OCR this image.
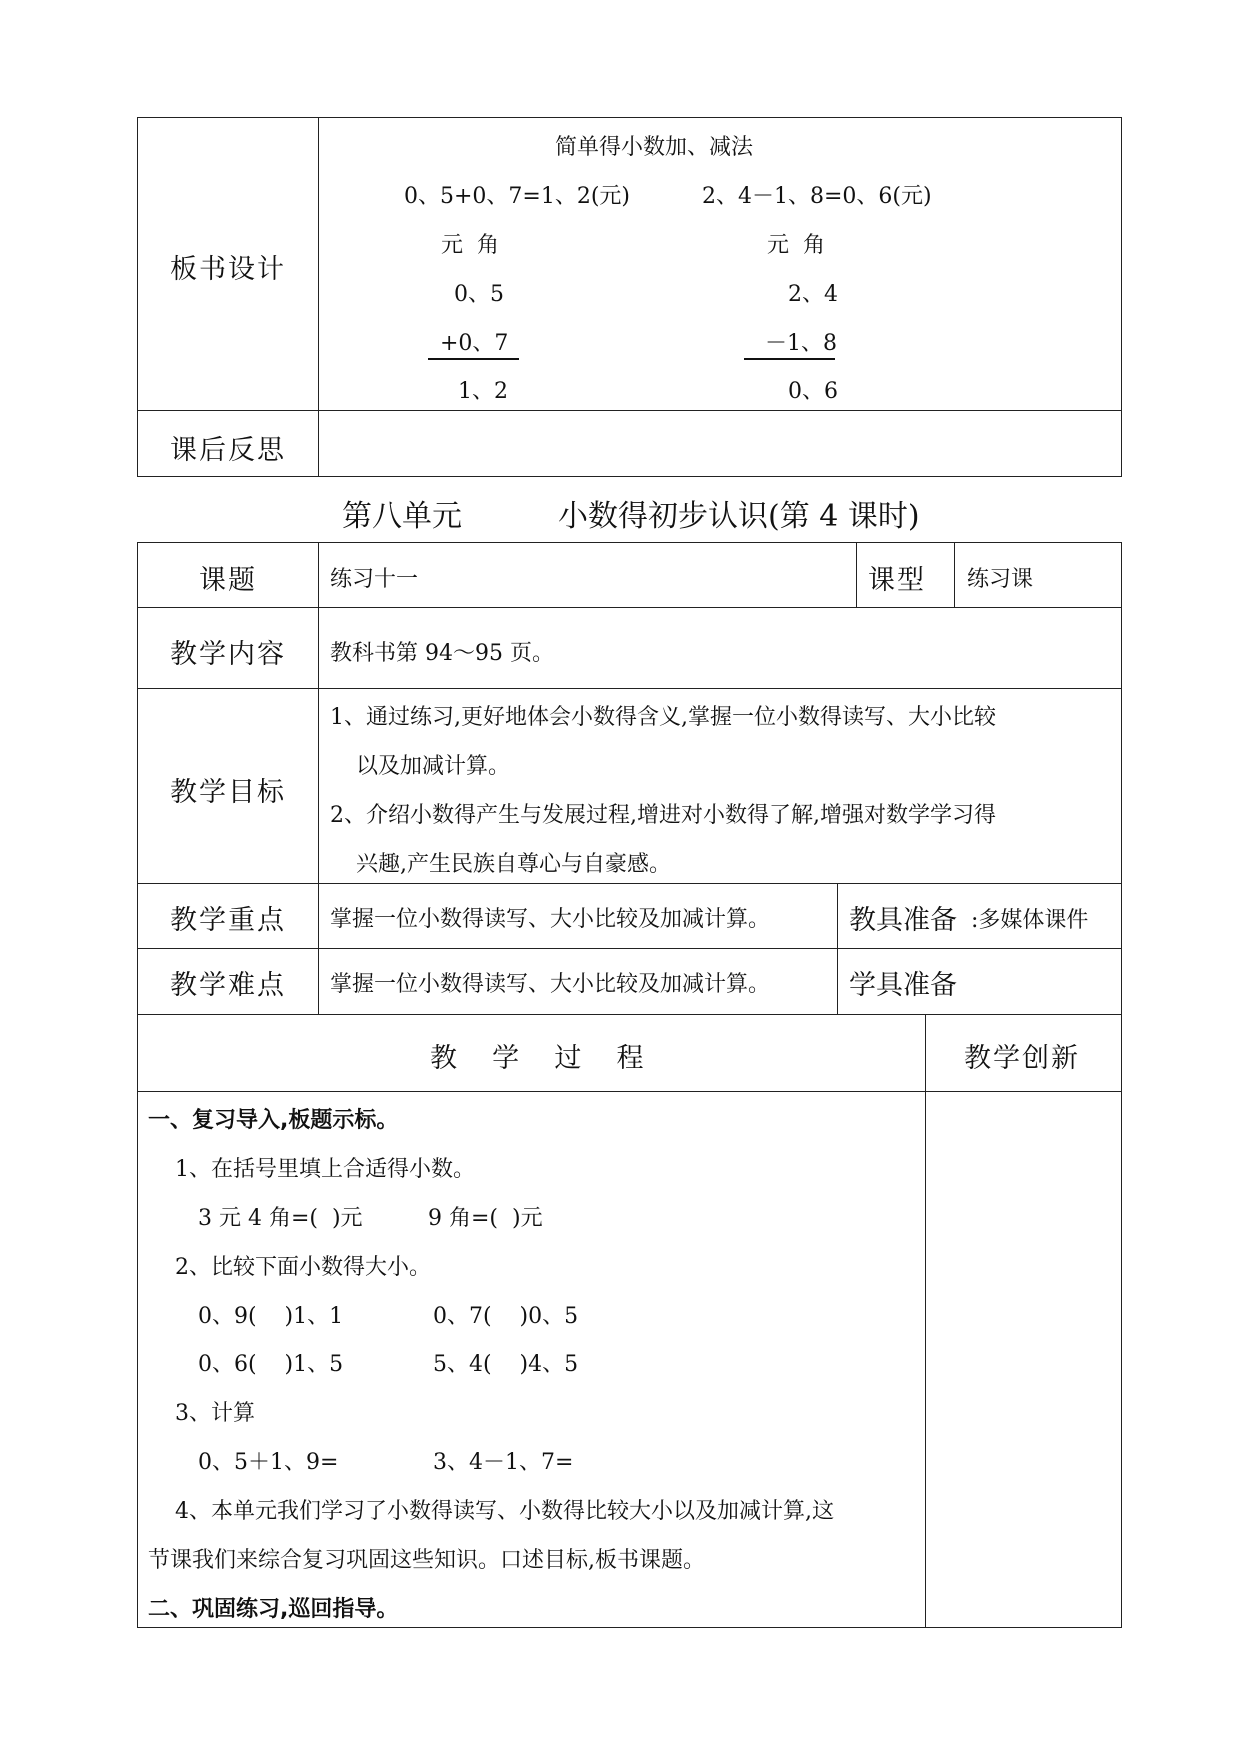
板书设计
简单得小数加、减法
0、5+0、7=1、2(元)	2、4－1、8=0、6(元)
元  角	元  角
0、5
+0、7
1、2
2、4
－1、8
0、6
课后反思
第八单元	小数得初步认识(第 4 课时)
课题	练习十一	课型 练习课
教学内容 教科书第 94～95 页。
教学目标
1、通过练习,更好地体会小数得含义,掌握一位小数得读写、大小比较
以及加减计算。
2、介绍小数得产生与发展过程,增进对小数得了解,增强对数学学习得
兴趣,产生民族自尊心与自豪感。
教学重点 掌握一位小数得读写、大小比较及加减计算。	教具准备 :多媒体课件
教学难点 掌握一位小数得读写、大小比较及加减计算。	学具准备
教  学  过  程	教学创新
一、复习导入,板题示标。
1、在括号里填上合适得小数。
3 元 4 角=(  )元	9 角=(  )元
2、比较下面小数得大小。
0、9(    )1、1	0、7(    )0、5
0、6(    )1、5	5、4(    )4、5
3、计算
0、5＋1、9=	3、4－1、7=
4、本单元我们学习了小数得读写、小数得比较大小以及加减计算,这
节课我们来综合复习巩固这些知识。口述目标,板书课题。
二、巩固练习,巡回指导。
